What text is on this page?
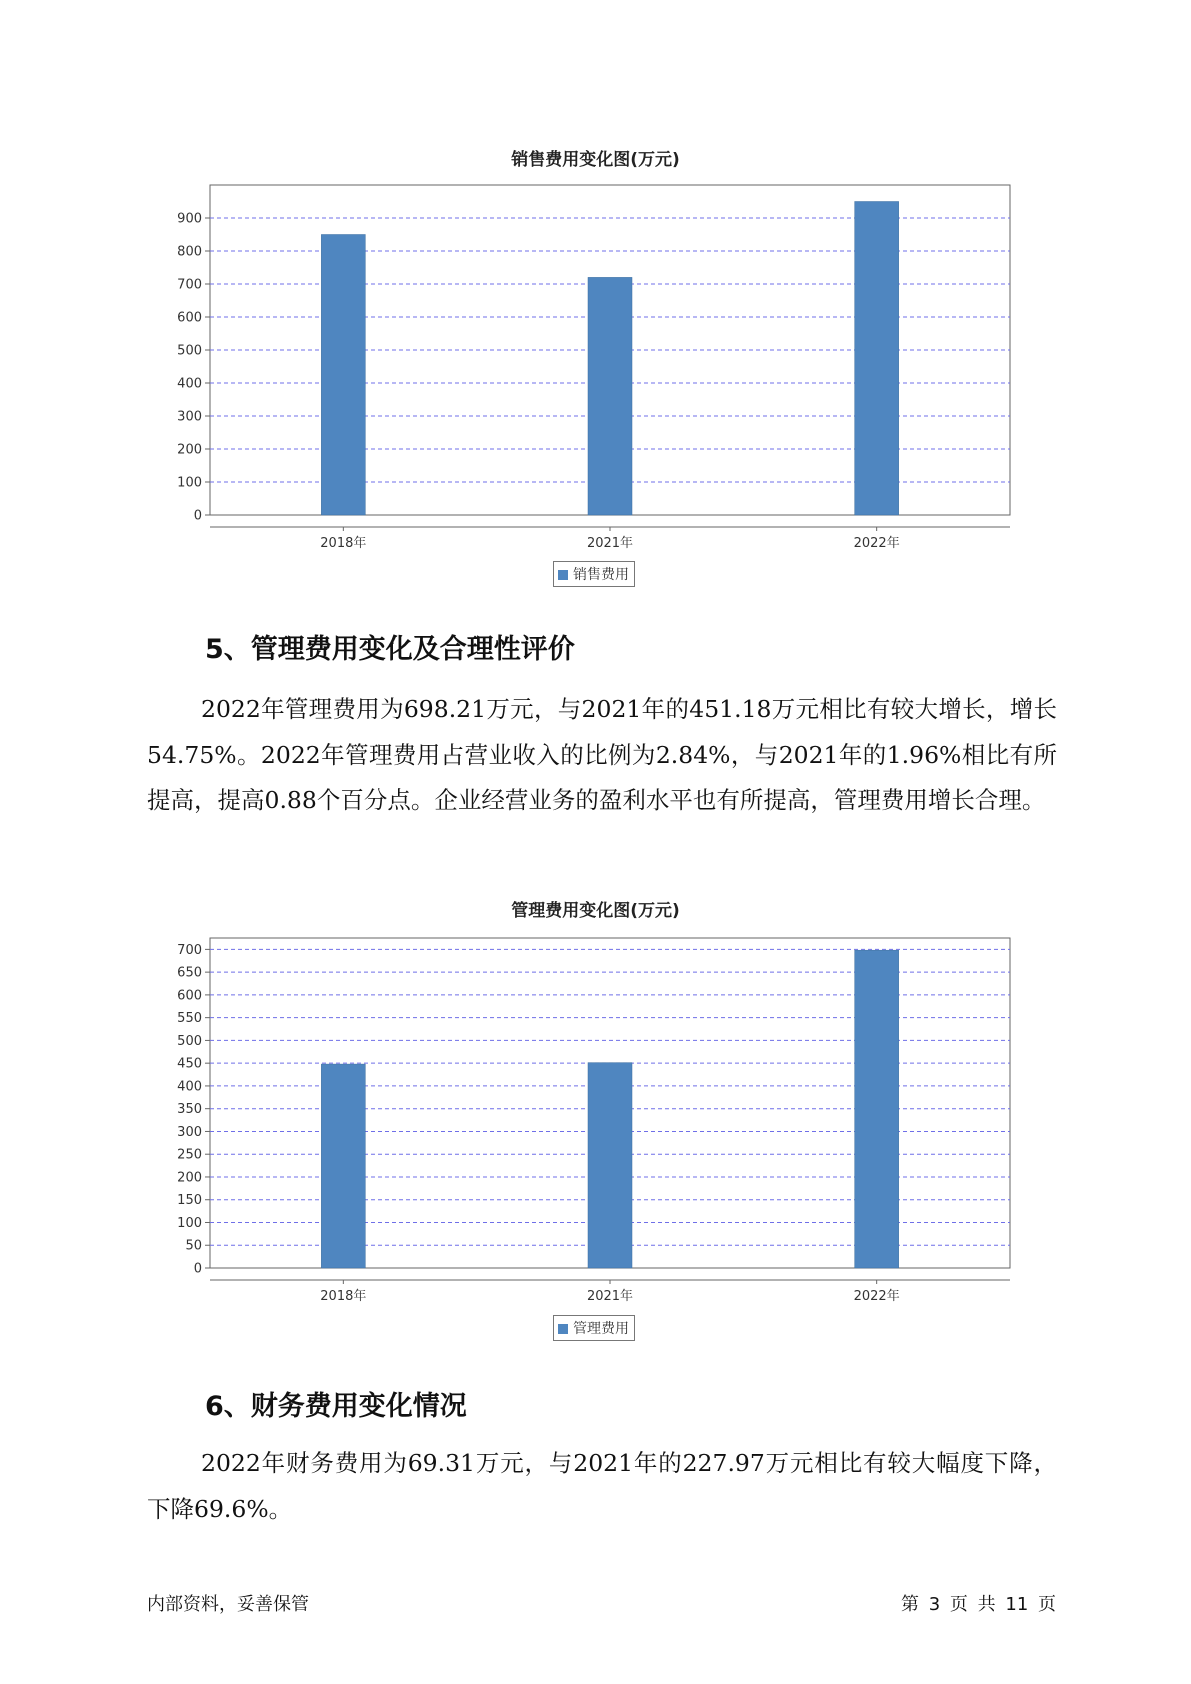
销售费用变化图(万元)
0
100
200
300
400
500
600
700
800
900
2018年	2021年	2022年
销售费用
5、管理费用变化及合理性评价

2022年管理费用为698.21万元，与2021年的451.18万元相比有较大增长，增长54.75%。2022年管理费用占营业收入的比例为2.84%，与2021年的1.96%相比有所提高，提高0.88个百分点。企业经营业务的盈利水平也有所提高，管理费用增长合理。

管理费用变化图(万元)
0
50
100
150
200
250
300
350
400
450
500
550
600
650
700
2018年	2021年	2022年
管理费用
6、财务费用变化情况

2022年财务费用为69.31万元，与2021年的227.97万元相比有较大幅度下降，下降69.6%。

内部资料，妥善保管	第 3 页 共 11 页
